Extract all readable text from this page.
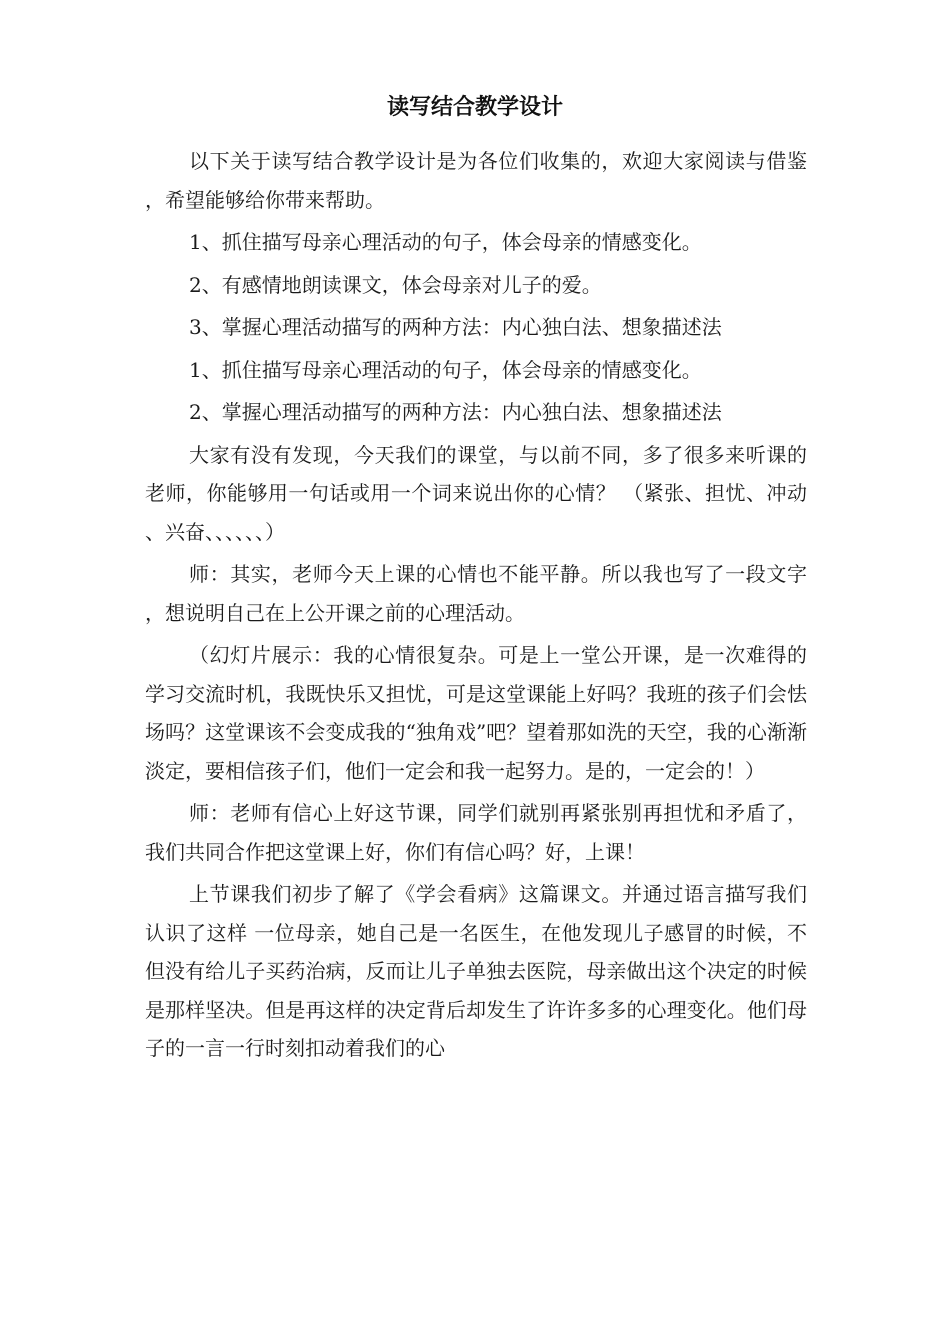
读写结合教学设计

以下关于读写结合教学设计是为各位们收集的，欢迎大家阅读与借鉴，希望能够给你带来帮助。

1、抓住描写母亲心理活动的句子，体会母亲的情感变化。

2、有感情地朗读课文，体会母亲对儿子的爱。

3、掌握心理活动描写的两种方法：内心独白法、想象描述法

1、抓住描写母亲心理活动的句子，体会母亲的情感变化。

2、掌握心理活动描写的两种方法：内心独白法、想象描述法

大家有没有发现，今天我们的课堂，与以前不同，多了很多来听课的老师，你能够用一句话或用一个词来说出你的心情？ （紧张、担忧、冲动、兴奋、、、、、、）

师：其实，老师今天上课的心情也不能平静。所以我也写了一段文字，想说明自己在上公开课之前的心理活动。

（幻灯片展示：我的心情很复杂。可是上一堂公开课，是一次难得的学习交流时机，我既快乐又担忧，可是这堂课能上好吗？我班的孩子们会怯场吗？这堂课该不会变成我的“独角戏”吧？望着那如洗的天空，我的心渐渐淡定，要相信孩子们，他们一定会和我一起努力。是的，一定会的！）

师：老师有信心上好这节课，同学们就别再紧张别再担忧和矛盾了，我们共同合作把这堂课上好，你们有信心吗？好，上课！

上节课我们初步了解了《学会看病》这篇课文。并通过语言描写我们认识了这样 一位母亲，她自己是一名医生，在他发现儿子感冒的时候，不但没有给儿子买药治病，反而让儿子单独去医院，母亲做出这个决定的时候是那样坚决。但是再这样的决定背后却发生了许许多多的心理变化。他们母子的一言一行时刻扣动着我们的心
